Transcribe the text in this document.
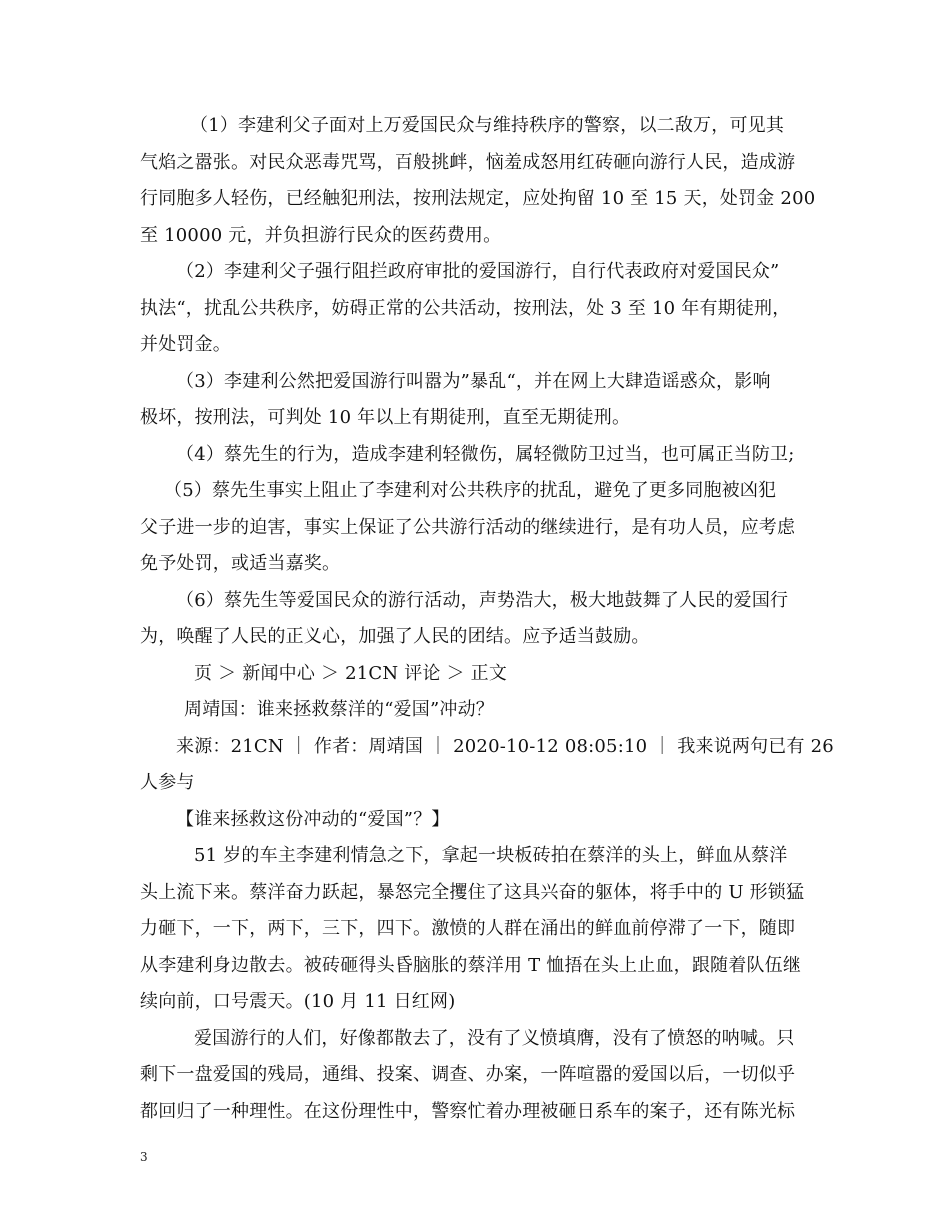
（1）李建利父子面对上万爱国民众与维持秩序的警察，以二敌万，可见其
气焰之嚣张。对民众恶毒咒骂，百般挑衅，恼羞成怒用红砖砸向游行人民，造成游
行同胞多人轻伤，已经触犯刑法，按刑法规定，应处拘留 10 至 15 天，处罚金 200
至 10000 元，并负担游行民众的医药费用。
（2）李建利父子强行阻拦政府审批的爱国游行，自行代表政府对爱国民众”
执法“，扰乱公共秩序，妨碍正常的公共活动，按刑法，处 3 至 10 年有期徒刑，
并处罚金。
（3）李建利公然把爱国游行叫嚣为”暴乱“，并在网上大肆造谣惑众，影响
极坏，按刑法，可判处 10 年以上有期徒刑，直至无期徒刑。
（4）蔡先生的行为，造成李建利轻微伤，属轻微防卫过当，也可属正当防卫;
（5）蔡先生事实上阻止了李建利对公共秩序的扰乱，避免了更多同胞被凶犯
父子进一步的迫害，事实上保证了公共游行活动的继续进行，是有功人员，应考虑
免予处罚，或适当嘉奖。
（6）蔡先生等爱国民众的游行活动，声势浩大，极大地鼓舞了人民的爱国行
为，唤醒了人民的正义心，加强了人民的团结。应予适当鼓励。
页 ＞ 新闻中心 ＞ 21CN 评论 ＞ 正文
周靖国：谁来拯救蔡洋的“爱国”冲动？
来源：21CN ｜ 作者：周靖国 ｜ 2020-10-12 08:05:10 ｜ 我来说两句已有 26
人参与
【谁来拯救这份冲动的“爱国”？】
51 岁的车主李建利情急之下，拿起一块板砖拍在蔡洋的头上，鲜血从蔡洋
头上流下来。蔡洋奋力跃起，暴怒完全攫住了这具兴奋的躯体，将手中的 U 形锁猛
力砸下，一下，两下，三下，四下。激愤的人群在涌出的鲜血前停滞了一下，随即
从李建利身边散去。被砖砸得头昏脑胀的蔡洋用 T 恤捂在头上止血，跟随着队伍继
续向前，口号震天。(10 月 11 日红网)
爱国游行的人们，好像都散去了，没有了义愤填膺，没有了愤怒的呐喊。只
剩下一盘爱国的残局，通缉、投案、调查、办案，一阵喧嚣的爱国以后，一切似乎
都回归了一种理性。在这份理性中，警察忙着办理被砸日系车的案子，还有陈光标
3
